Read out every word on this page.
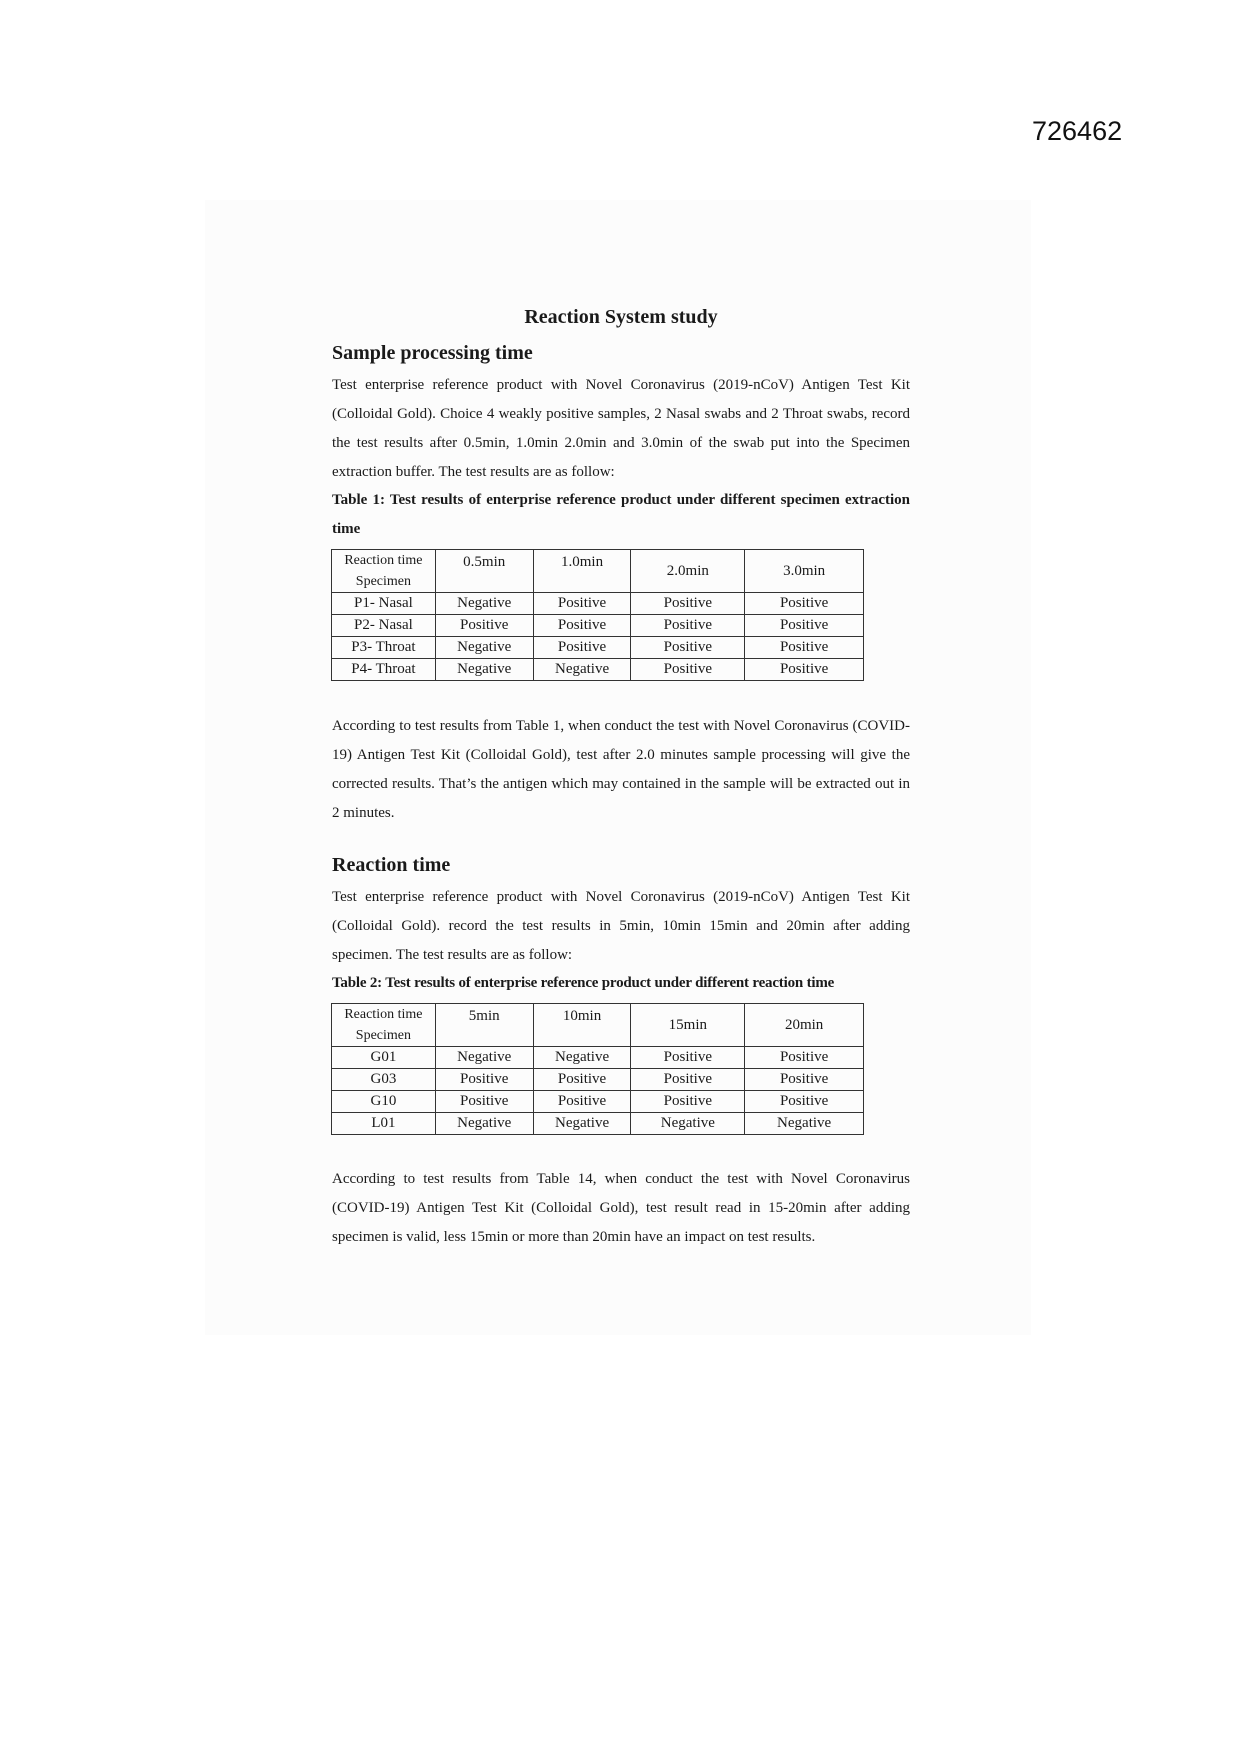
726462
Reaction System study
Sample processing time

Test enterprise reference product with Novel Coronavirus (2019-nCoV) Antigen Test Kit (Colloidal Gold). Choice 4 weakly positive samples, 2 Nasal swabs and 2 Throat swabs, record the test results after 0.5min, 1.0min 2.0min and 3.0min of the swab put into the Specimen extraction buffer. The test results are as follow:

Table 1: Test results of enterprise reference product under different specimen extraction time

Reaction time	0.5min	1.0min	2.0min	3.0min
Specimen				
P1- Nasal	Negative	Positive	Positive	Positive
P2- Nasal	Positive	Positive	Positive	Positive
P3- Throat	Negative	Positive	Positive	Positive
P4- Throat	Negative	Negative	Positive	Positive

According to test results from Table 1, when conduct the test with Novel Coronavirus (COVID-19) Antigen Test Kit (Colloidal Gold), test after 2.0 minutes sample processing will give the corrected results. That’s the antigen which may contained in the sample will be extracted out in 2 minutes.

Reaction time

Test enterprise reference product with Novel Coronavirus (2019-nCoV) Antigen Test Kit (Colloidal Gold). record the test results in 5min, 10min 15min and 20min after adding specimen. The test results are as follow:

Table 2: Test results of enterprise reference product under different reaction time

Reaction time	5min	10min	15min	20min
Specimen				
G01	Negative	Negative	Positive	Positive
G03	Positive	Positive	Positive	Positive
G10	Positive	Positive	Positive	Positive
L01	Negative	Negative	Negative	Negative

According to test results from Table 14, when conduct the test with Novel Coronavirus (COVID-19) Antigen Test Kit (Colloidal Gold), test result read in 15-20min after adding specimen is valid, less 15min or more than 20min have an impact on test results.
